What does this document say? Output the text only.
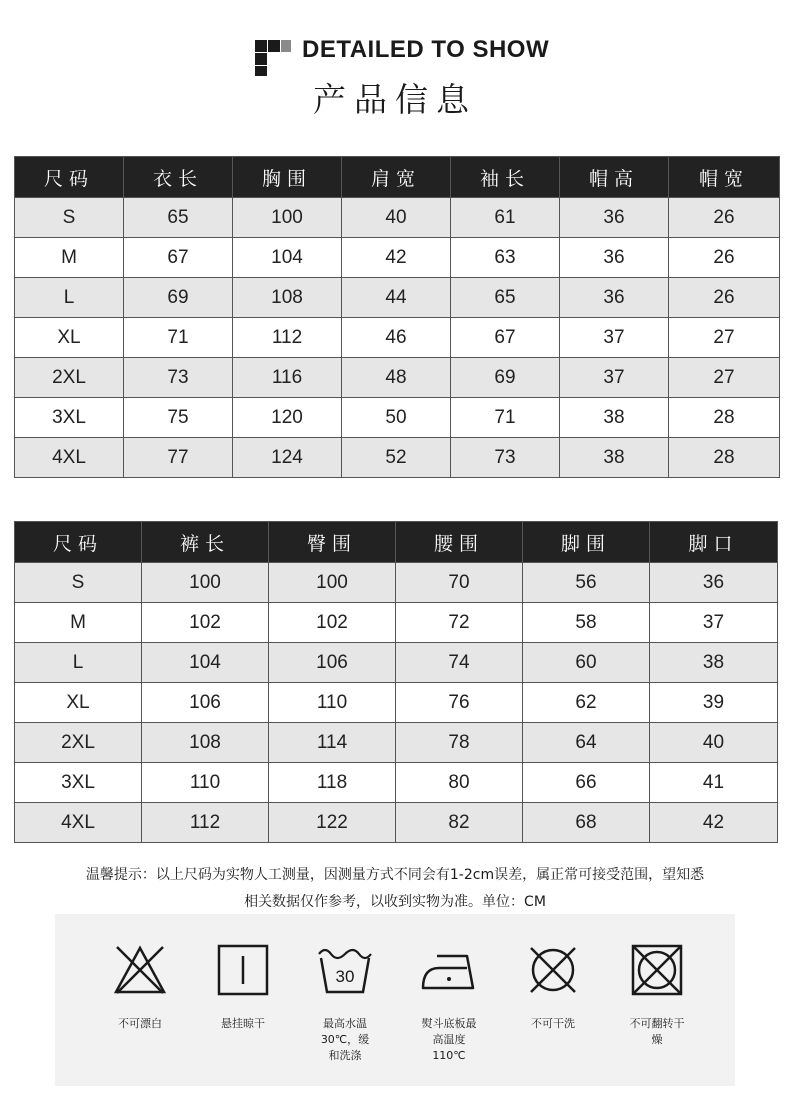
DETAILED TO SHOW
产品信息
尺码	衣长	胸围	肩宽	袖长	帽高	帽宽
S	65	100	40	61	36	26
M	67	104	42	63	36	26
L	69	108	44	65	36	26
XL	71	112	46	67	37	27
2XL	73	116	48	69	37	27
3XL	75	120	50	71	38	28
4XL	77	124	52	73	38	28
尺码	裤长	臀围	腰围	脚围	脚口
S	100	100	70	56	36
M	102	102	72	58	37
L	104	106	74	60	38
XL	106	110	76	62	39
2XL	108	114	78	64	40
3XL	110	118	80	66	41
4XL	112	122	82	68	42
温馨提示：以上尺码为实物人工测量，因测量方式不同会有1-2cm误差，属正常可接受范围，望知悉
相关数据仅作参考，以收到实物为准。单位：CM
不可漂白	悬挂晾干
30
最高水温
30℃，缓
和洗涤
熨斗底板最
高温度
110℃
不可干洗	不可翻转干
燥
